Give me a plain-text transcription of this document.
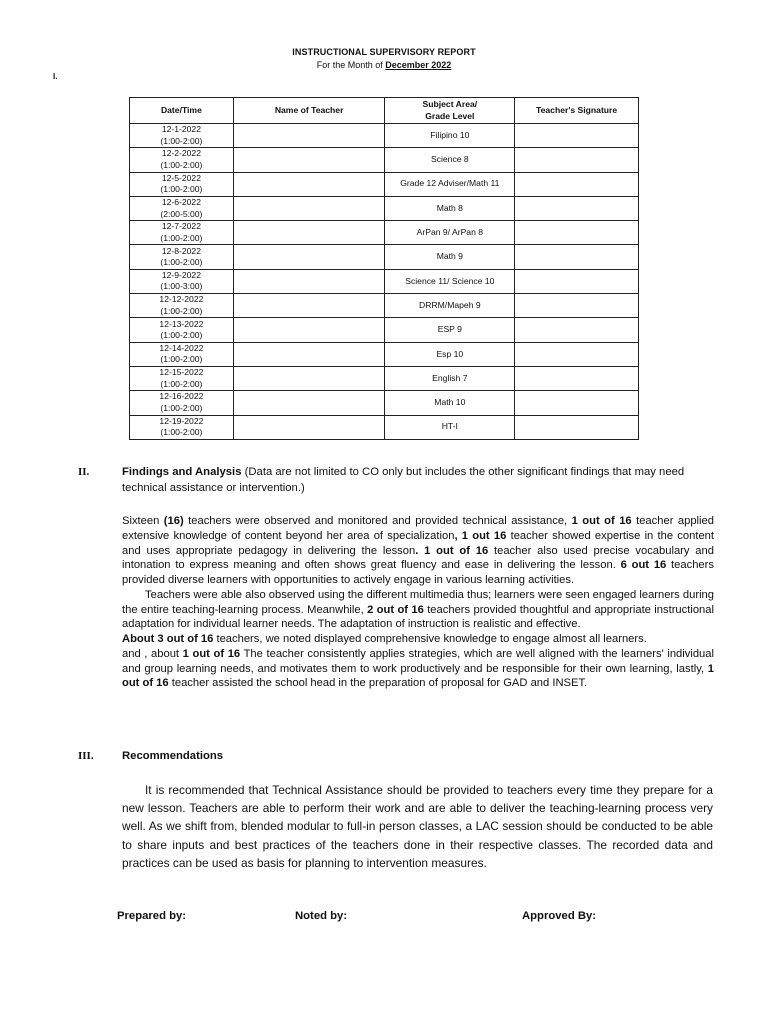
INSTRUCTIONAL SUPERVISORY REPORT
For the Month of December 2022
I.
Date/Time	Name of Teacher	Subject Area/
Grade Level	Teacher's Signature
12-1-2022
(1:00-2:00)		Filipino 10	
12-2-2022
(1:00-2:00)		Science 8	
12-5-2022
(1:00-2:00)		Grade 12 Adviser/Math 11	
12-6-2022
(2:00-5:00)		Math 8	
12-7-2022
(1:00-2:00)		ArPan 9/ ArPan 8	
12-8-2022
(1:00-2:00)		Math 9	
12-9-2022
(1:00-3:00)		Science 11/ Science 10	
12-12-2022
(1:00-2:00)		DRRM/Mapeh 9	
12-13-2022
(1:00-2:00)		ESP 9	
12-14-2022
(1:00-2:00)		Esp 10	
12-15-2022
(1:00-2:00)		English 7	
12-16-2022
(1:00-2:00)		Math 10	
12-19-2022
(1:00-2:00)		HT-I	
II.	Findings and Analysis (Data are not limited to CO only but includes the other significant findings that may need technical assistance or intervention.)

Sixteen (16) teachers were observed and monitored and provided technical assistance, 1 out of 16 teacher applied extensive knowledge of content beyond her area of specialization, 1 out 16 teacher showed expertise in the content and uses appropriate pedagogy in delivering the lesson. 1 out of 16 teacher also used precise vocabulary and intonation to express meaning and often shows great fluency and ease in delivering the lesson. 6 out 16 teachers provided diverse learners with opportunities to actively engage in various learning activities.

Teachers were able also observed using the different multimedia thus; learners were seen engaged learners during the entire teaching-learning process. Meanwhile, 2 out of 16 teachers provided thoughtful and appropriate instructional adaptation for individual learner needs. The adaptation of instruction is realistic and effective.

About 3 out of 16 teachers, we noted displayed comprehensive knowledge to engage almost all learners.

and , about 1 out of 16 The teacher consistently applies strategies, which are well aligned with the learners' individual and group learning needs, and motivates them to work productively and be responsible for their own learning, lastly, 1 out of 16 teacher assisted the school head in the preparation of proposal for GAD and INSET.

III.	Recommendations

It is recommended that Technical Assistance should be provided to teachers every time they prepare for a new lesson. Teachers are able to perform their work and are able to deliver the teaching-learning process very well. As we shift from, blended modular to full-in person classes, a LAC session should be conducted to be able to share inputs and best practices of the teachers done in their respective classes. The recorded data and practices can be used as basis for planning to intervention measures.

Prepared by:	Noted by:	Approved By:
